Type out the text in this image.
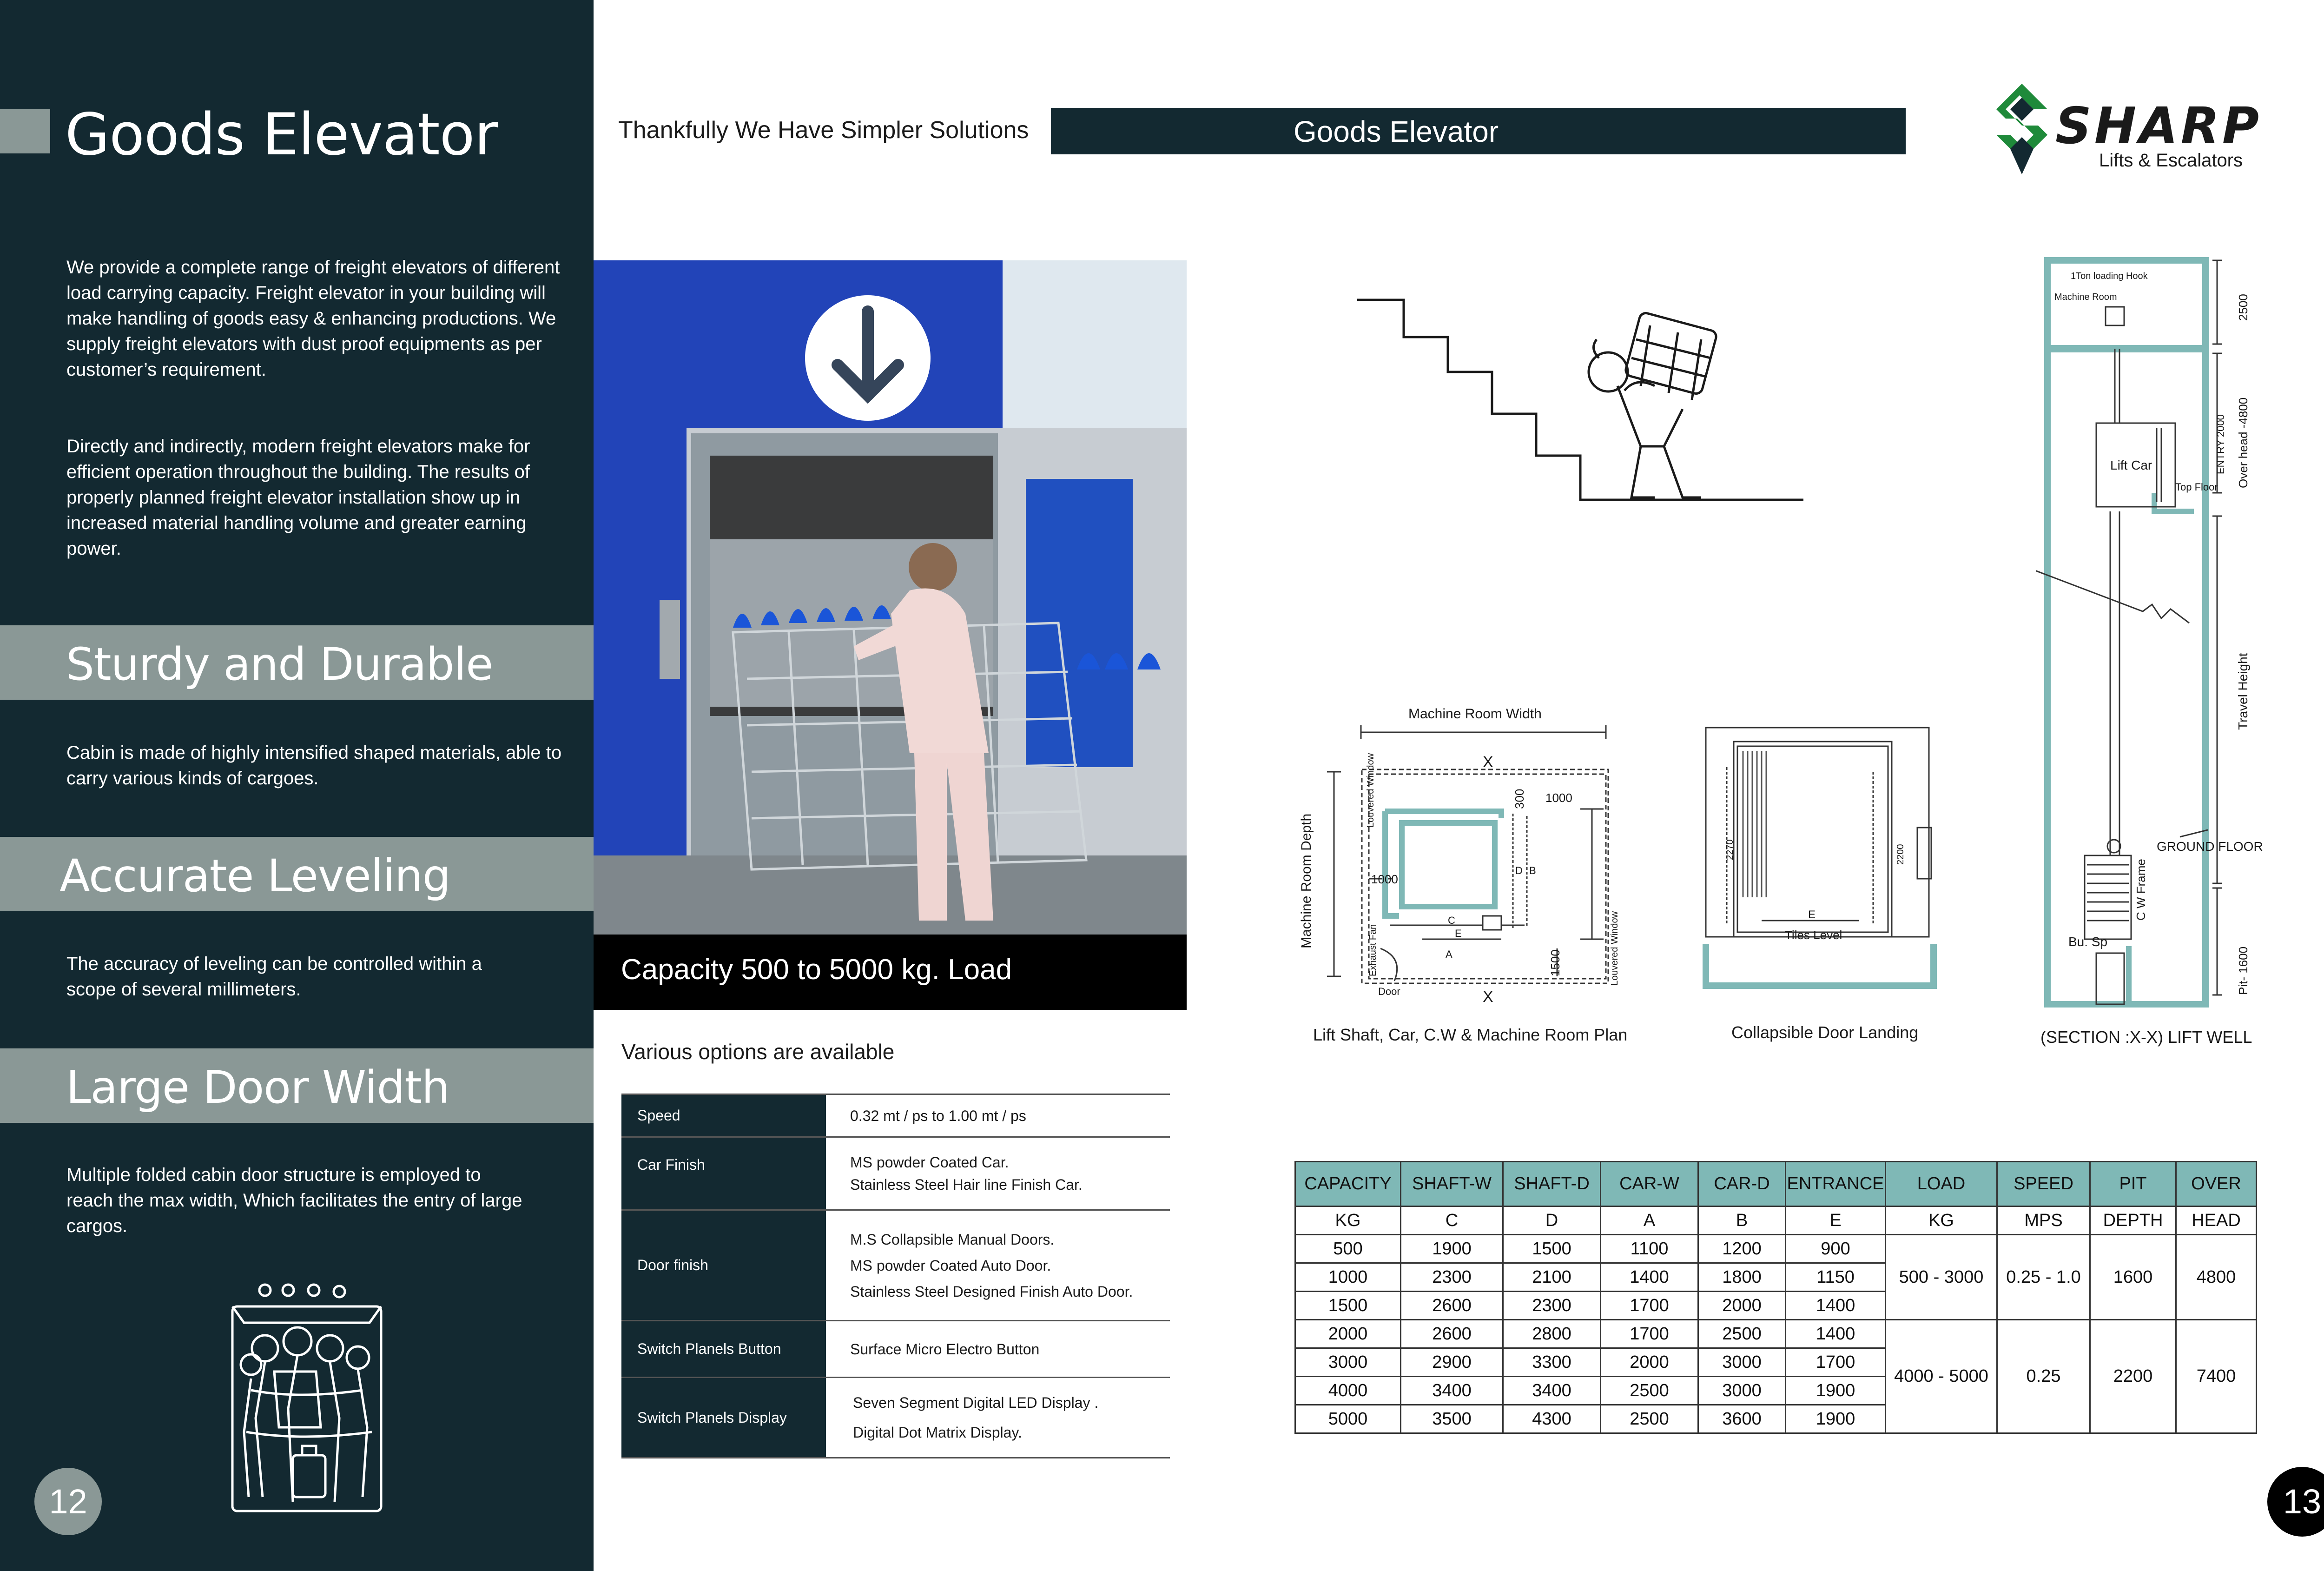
Goods Elevator
We provide a complete range of freight elevators of different load carrying capacity. Freight elevator in your building will make handling of goods easy & enhancing productions. We supply freight elevators with dust proof equipments as per customer’s requirement.
Directly and indirectly, modern freight elevators make for efficient operation throughout the building. The results of properly planned freight elevator installation show up in increased material handling volume and greater earning power.
Sturdy and Durable
Cabin is made of highly intensified shaped materials, able to carry various kinds of cargoes.
Accurate Leveling
The accuracy of leveling can be controlled within a scope of several millimeters.
Large Door Width
Multiple folded cabin door structure is employed to reach the max width, Which facilitates the entry of large cargos.
12
Thankfully We Have Simpler Solutions	Goods Elevator	SHARP
Lifts & Escalators
Capacity 500 to 5000 kg. Load
Various options are available
Speed	0.32 mt / ps to 1.00 mt / ps
Car Finish	MS powder Coated Car.
Stainless Steel Hair line Finish Car.
Door finish
M.S Collapsible Manual Doors.
MS powder Coated Auto Door.
Stainless Steel Designed Finish Auto Door.
Switch Planels Button	Surface Micro Electro Button
Switch Planels Display
Seven Segment Digital LED Display .
Digital Dot Matrix Display.
Machine Room Width
Machine Room Depth
X
X
300 1000
1000
1500
Louvered Window
Louvered Window
Exhaust Fan
Door
C
E
A
B
D
Lift Shaft, Car, C.W & Machine Room Plan
2270	2200
E
Tiles Level
Collapsible Door Landing
1Ton loading Hook
Machine Room	2500
Over head -4800
ENTRY 2000
Top Floor
Lift Car
Travel Height
GROUND FLOOR
C W Frame
Bu. Sp
Pit- 1600
(SECTION :X-X) LIFT WELL
CAPACITY	SHAFT-W	SHAFT-D	CAR-W	CAR-D	ENTRANCE	LOAD	SPEED	PIT	OVER
KG	C	D	A	B	E	KG	MPS	DEPTH	HEAD
500	1900	1500	1100	1200	900	500 - 3000	0.25 - 1.0	1600	4800
1000	2300	2100	1400	1800	1150				
1500	2600	2300	1700	2000	1400				
2000	2600	2800	1700	2500	1400	4000 - 5000	0.25	2200	7400
3000	2900	3300	2000	3000	1700				
4000	3400	3400	2500	3000	1900				
5000	3500	4300	2500	3600	1900				
13
